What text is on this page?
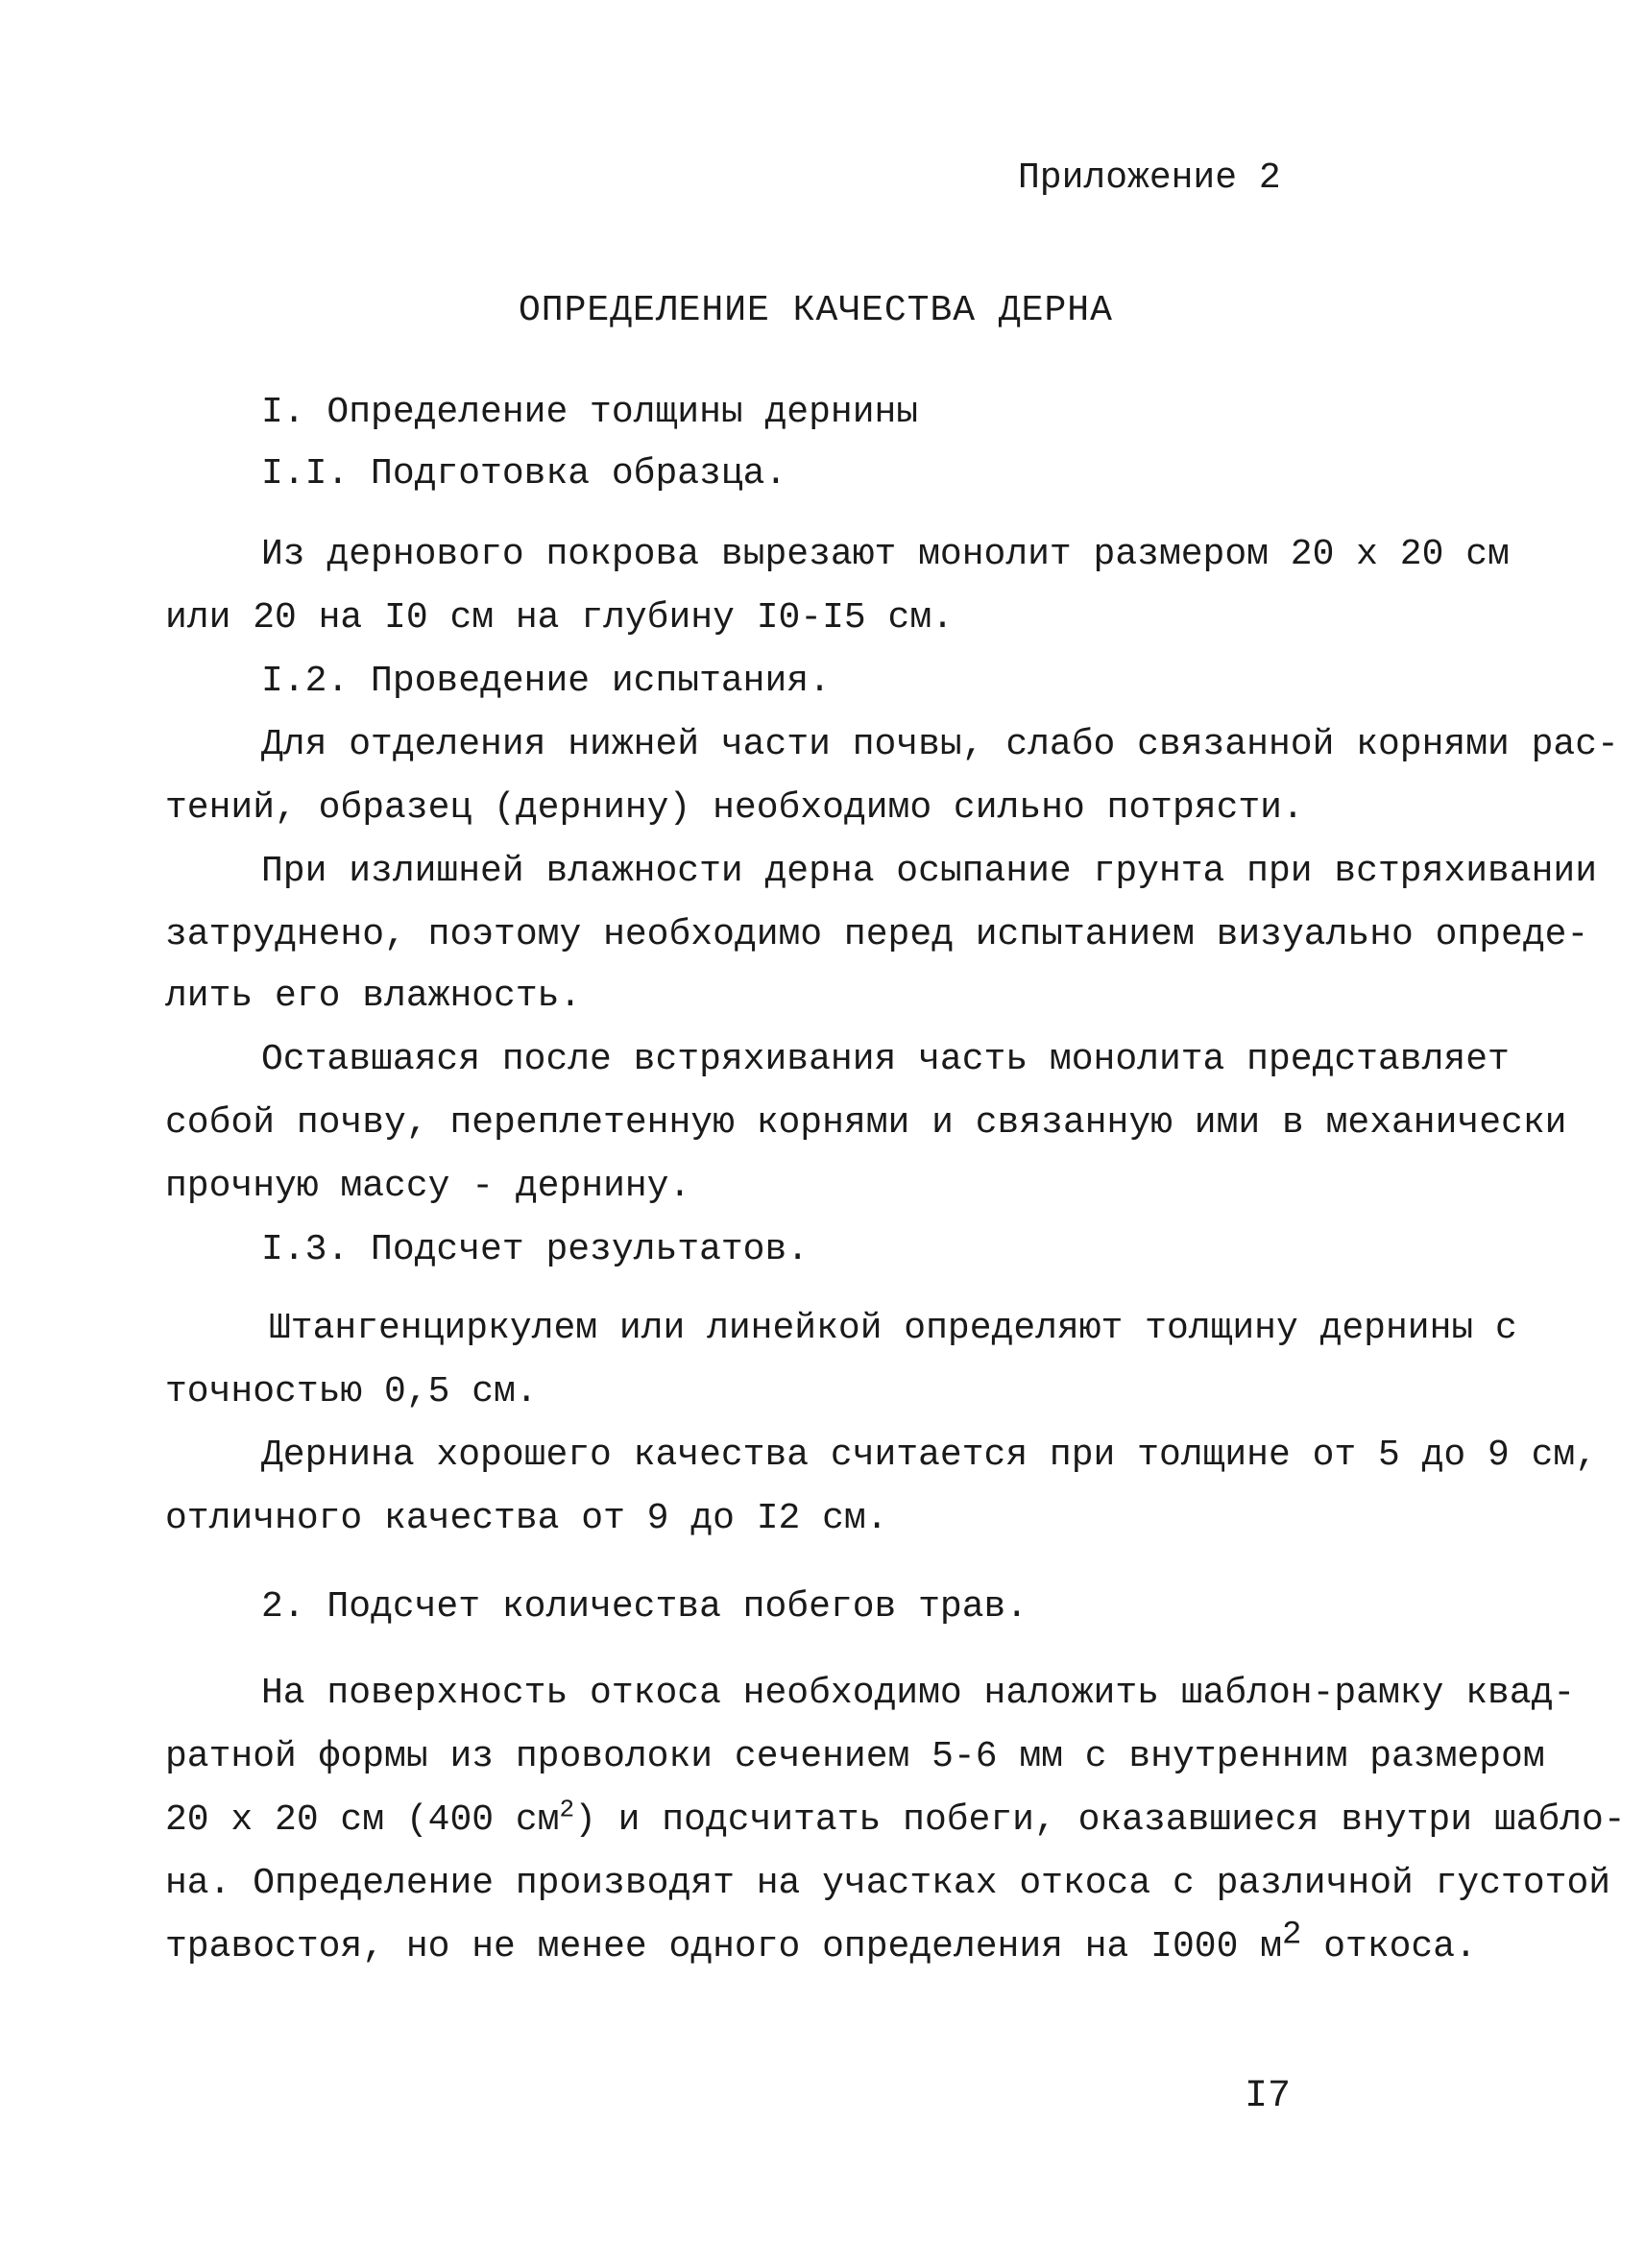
Приложение 2
ОПРЕДЕЛЕНИЕ КАЧЕСТВА ДЕРНА
I. Определение толщины дернины
I.I. Подготовка образца.
Из дернового покрова вырезают монолит размером 20 х 20 см
или 20 на I0 см на глубину I0-I5 см.
I.2. Проведение испытания.
Для отделения нижней части почвы, слабо связанной корнями рас-
тений, образец (дернину) необходимо сильно потрясти.
При излишней влажности дерна осыпание грунта при встряхивании
затруднено, поэтому необходимо перед испытанием визуально опреде-
лить его влажность.
Оставшаяся после встряхивания часть монолита представляет
собой почву, переплетенную корнями и связанную ими в механически
прочную массу - дернину.
I.3. Подсчет результатов.
Штангенциркулем или линейкой определяют толщину дернины с
точностью 0,5 см.
Дернина хорошего качества считается при толщине от 5 до 9 см,
отличного качества от 9 до I2 см.
2. Подсчет количества побегов трав.
На поверхность откоса необходимо наложить шаблон-рамку квад-
ратной формы из проволоки сечением 5-6 мм с внутренним размером
20 х 20 см (400 $см^2$) и подсчитать побеги, оказавшиеся внутри шабло-
на. Определение производят на участках откоса с различной густотой
травостоя, но не менее одного определения на I000 $м^2$ откоса.
I7
